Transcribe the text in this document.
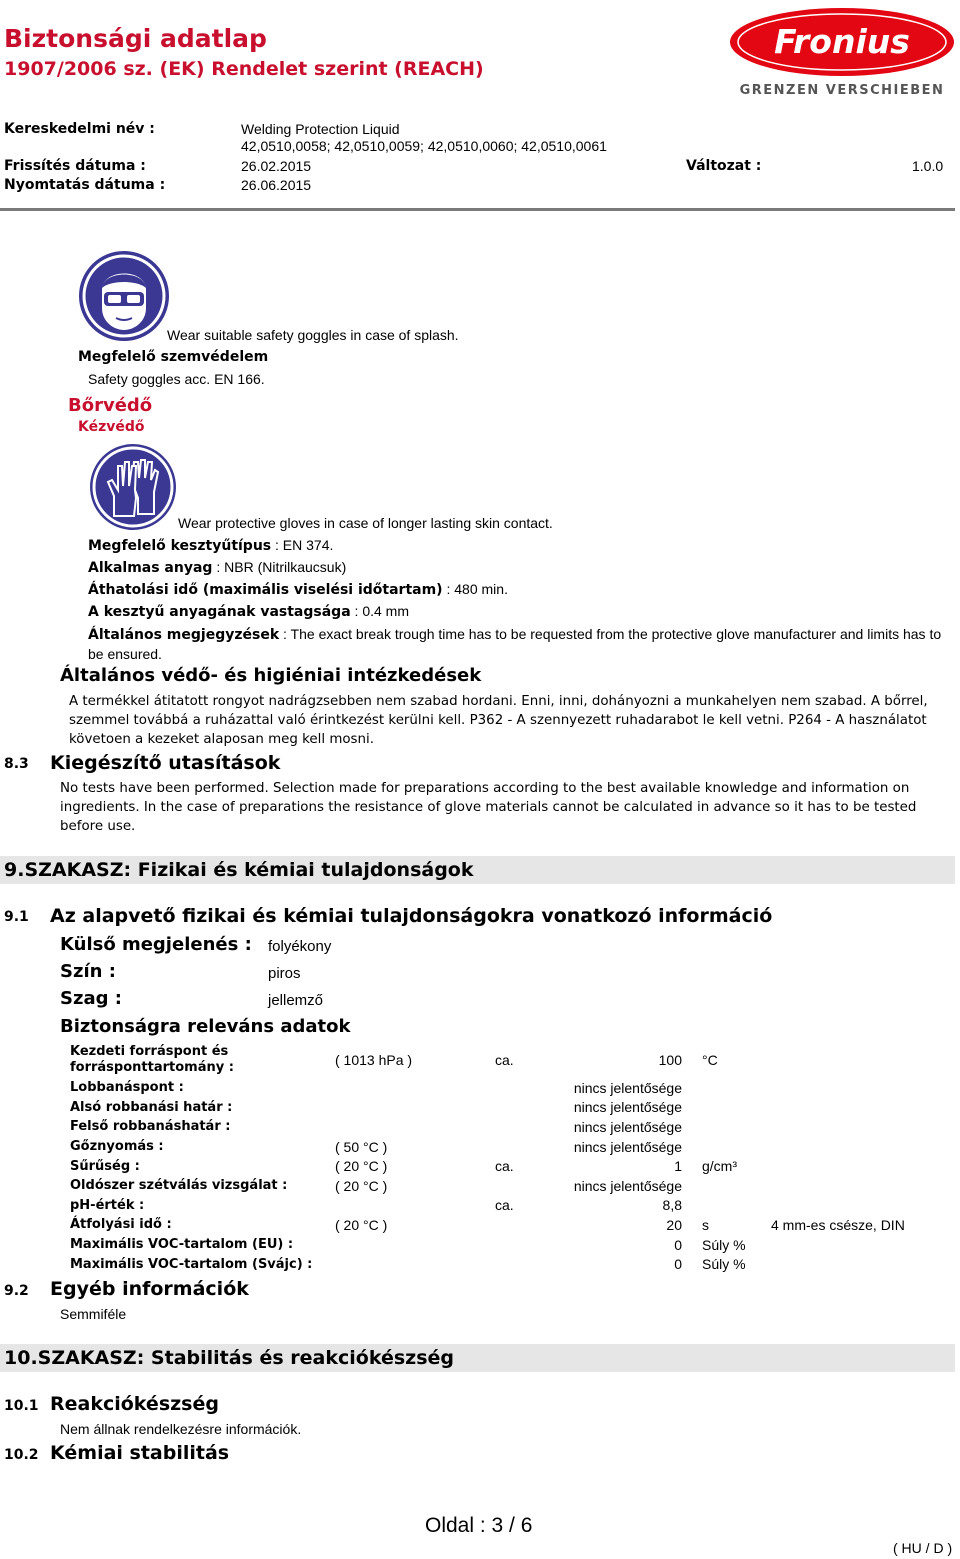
Biztonsági adatlap
1907/2006 sz. (EK) Rendelet szerint (REACH)
Fronius
GRENZEN VERSCHIEBEN
Kereskedelmi név :	Welding Protection Liquid
42,0510,0058; 42,0510,0059; 42,0510,0060; 42,0510,0061
Frissítés dátuma :	26.02.2015	Változat :	1.0.0
Nyomtatás dátuma :	26.06.2015
Wear suitable safety goggles in case of splash.
Megfelelő szemvédelem
Safety goggles acc. EN 166.
Bőrvédő
Kézvédő
Wear protective gloves in case of longer lasting skin contact.
Megfelelő kesztyűtípus : EN 374.
Alkalmas anyag : NBR (Nitrilkaucsuk)
Áthatolási idő (maximális viselési időtartam) : 480 min.
A kesztyű anyagának vastagsága : 0.4 mm
Általános megjegyzések : The exact break trough time has to be requested from the protective glove manufacturer and limits has to be ensured.
Általános védő- és higiéniai intézkedések
A termékkel átitatott rongyot nadrágzsebben nem szabad hordani. Enni, inni, dohányozni a munkahelyen nem szabad. A bőrrel, szemmel továbbá a ruházattal való érintkezést kerülni kell. P362 - A szennyezett ruhadarabot le kell vetni. P264 - A használatot követoen a kezeket alaposan meg kell mosni.
8.3 Kiegészítő utasítások
No tests have been performed. Selection made for preparations according to the best available knowledge and information on ingredients. In the case of preparations the resistance of glove materials cannot be calculated in advance so it has to be tested before use.
9.SZAKASZ: Fizikai és kémiai tulajdonságok
9.1 Az alapvető fizikai és kémiai tulajdonságokra vonatkozó információ
Külső megjelenés : folyékony
Szín :	piros
Szag :	jellemző
Biztonságra releváns adatok
Kezdeti forráspont és
forrásponttartomány :	( 1013 hPa )	ca.	100	°C	
Lobbanáspont :			nincs jelentősége		
Alsó robbanási határ :			nincs jelentősége		
Felső robbanáshatár :			nincs jelentősége		
Gőznyomás :	( 50 °C )		nincs jelentősége		
Sűrűség :	( 20 °C )	ca.	1	g/cm³	
Oldószer szétválás vizsgálat :	( 20 °C )		nincs jelentősége		
pH-érték :		ca.	8,8		
Átfolyási idő :	( 20 °C )		20	s	4 mm-es csésze, DIN
Maximális VOC-tartalom (EU) :			0	Súly %	
Maximális VOC-tartalom (Svájc) :			0	Súly %	
9.2 Egyéb információk
Semmiféle
10.SZAKASZ: Stabilitás és reakciókészség
10.1 Reakciókészség
Nem állnak rendelkezésre információk.
10.2 Kémiai stabilitás
Oldal : 3 / 6
( HU / D )
